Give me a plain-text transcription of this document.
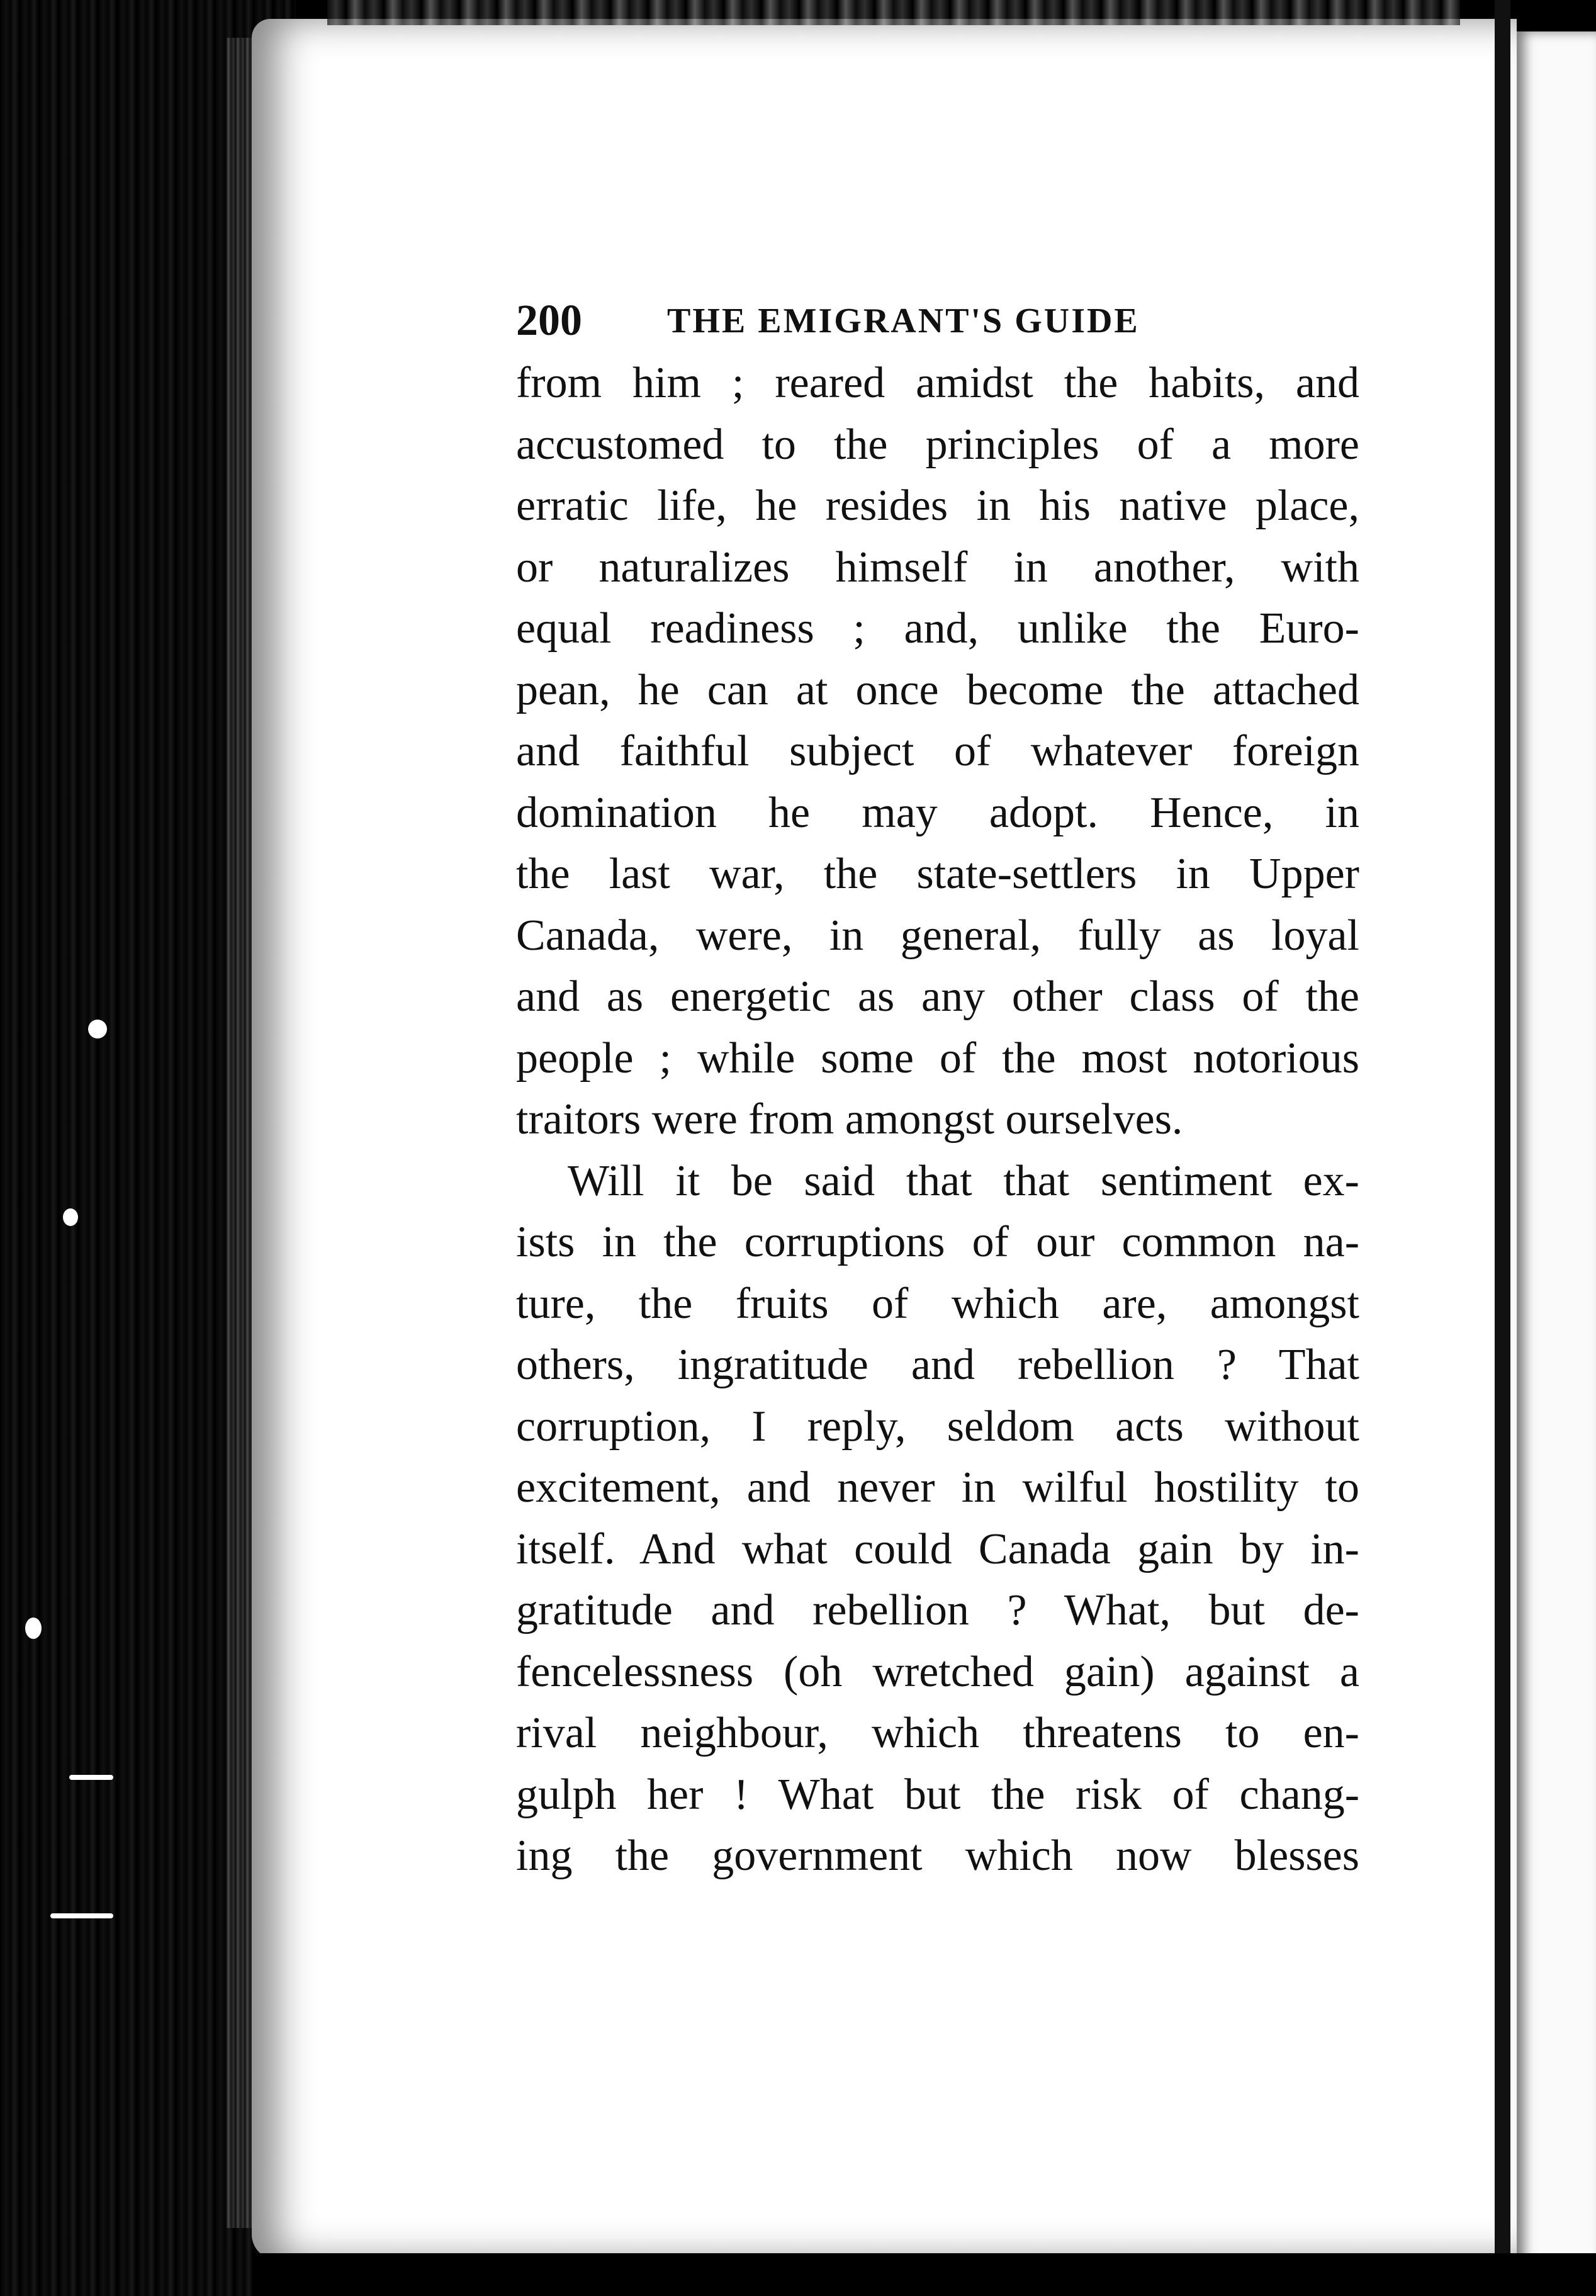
200 THE EMIGRANT'S GUIDE
from him ; reared amidst the habits, and
accustomed to the principles of a more
erratic life, he resides in his native place,
or naturalizes himself in another, with
equal readiness ; and, unlike the Euro-
pean, he can at once become the attached
and faithful subject of whatever foreign
domination he may adopt. Hence, in
the last war, the state-settlers in Upper
Canada, were, in general, fully as loyal
and as energetic as any other class of the
people ; while some of the most notorious
traitors were from amongst ourselves.
Will it be said that that sentiment ex-
ists in the corruptions of our common na-
ture, the fruits of which are, amongst
others, ingratitude and rebellion ? That
corruption, I reply, seldom acts without
excitement, and never in wilful hostility to
itself. And what could Canada gain by in-
gratitude and rebellion ? What, but de-
fencelessness (oh wretched gain) against a
rival neighbour, which threatens to en-
gulph her ! What but the risk of chang-
ing the government which now blesses
